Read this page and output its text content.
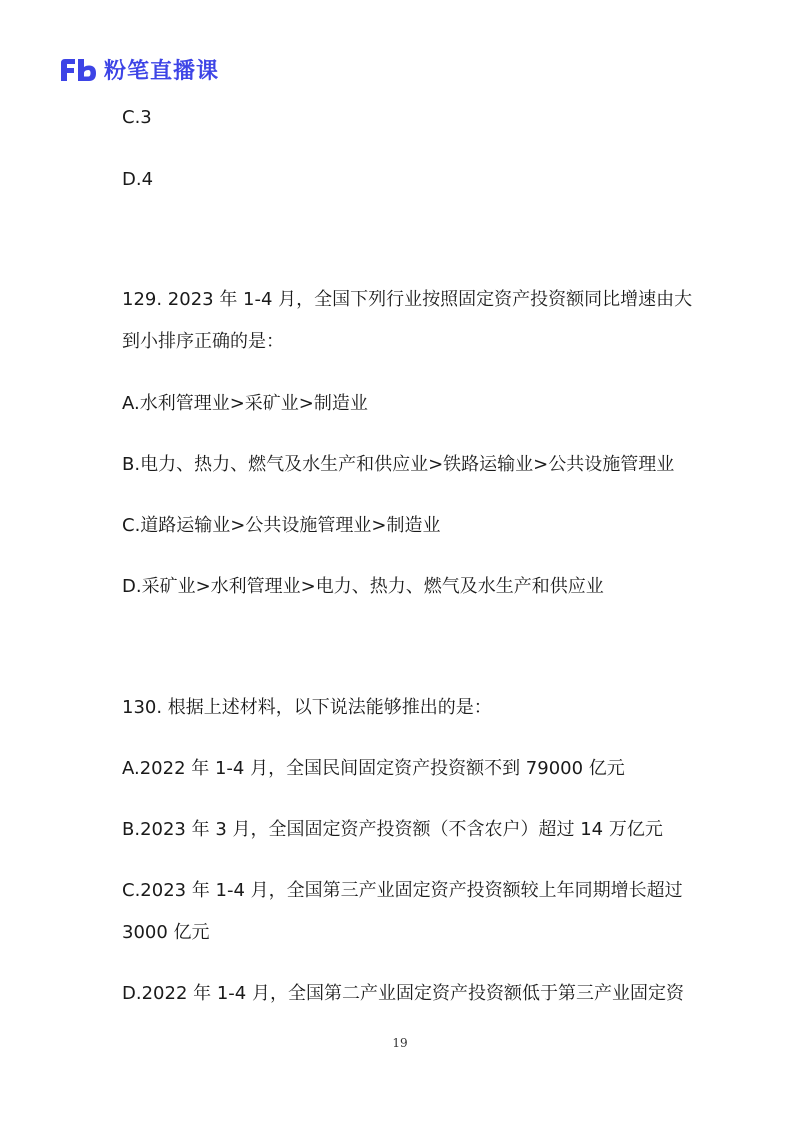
粉笔直播课
C.3
D.4
129. 2023 年 1-4 月，全国下列行业按照固定资产投资额同比增速由大
到小排序正确的是：
A.水利管理业>采矿业>制造业
B.电力、热力、燃气及水生产和供应业>铁路运输业>公共设施管理业
C.道路运输业>公共设施管理业>制造业
D.采矿业>水利管理业>电力、热力、燃气及水生产和供应业
130. 根据上述材料，以下说法能够推出的是：
A.2022 年 1-4 月，全国民间固定资产投资额不到 79000 亿元
B.2023 年 3 月，全国固定资产投资额（不含农户）超过 14 万亿元
C.2023 年 1-4 月，全国第三产业固定资产投资额较上年同期增长超过
3000 亿元
D.2022 年 1-4 月，全国第二产业固定资产投资额低于第三产业固定资
19
